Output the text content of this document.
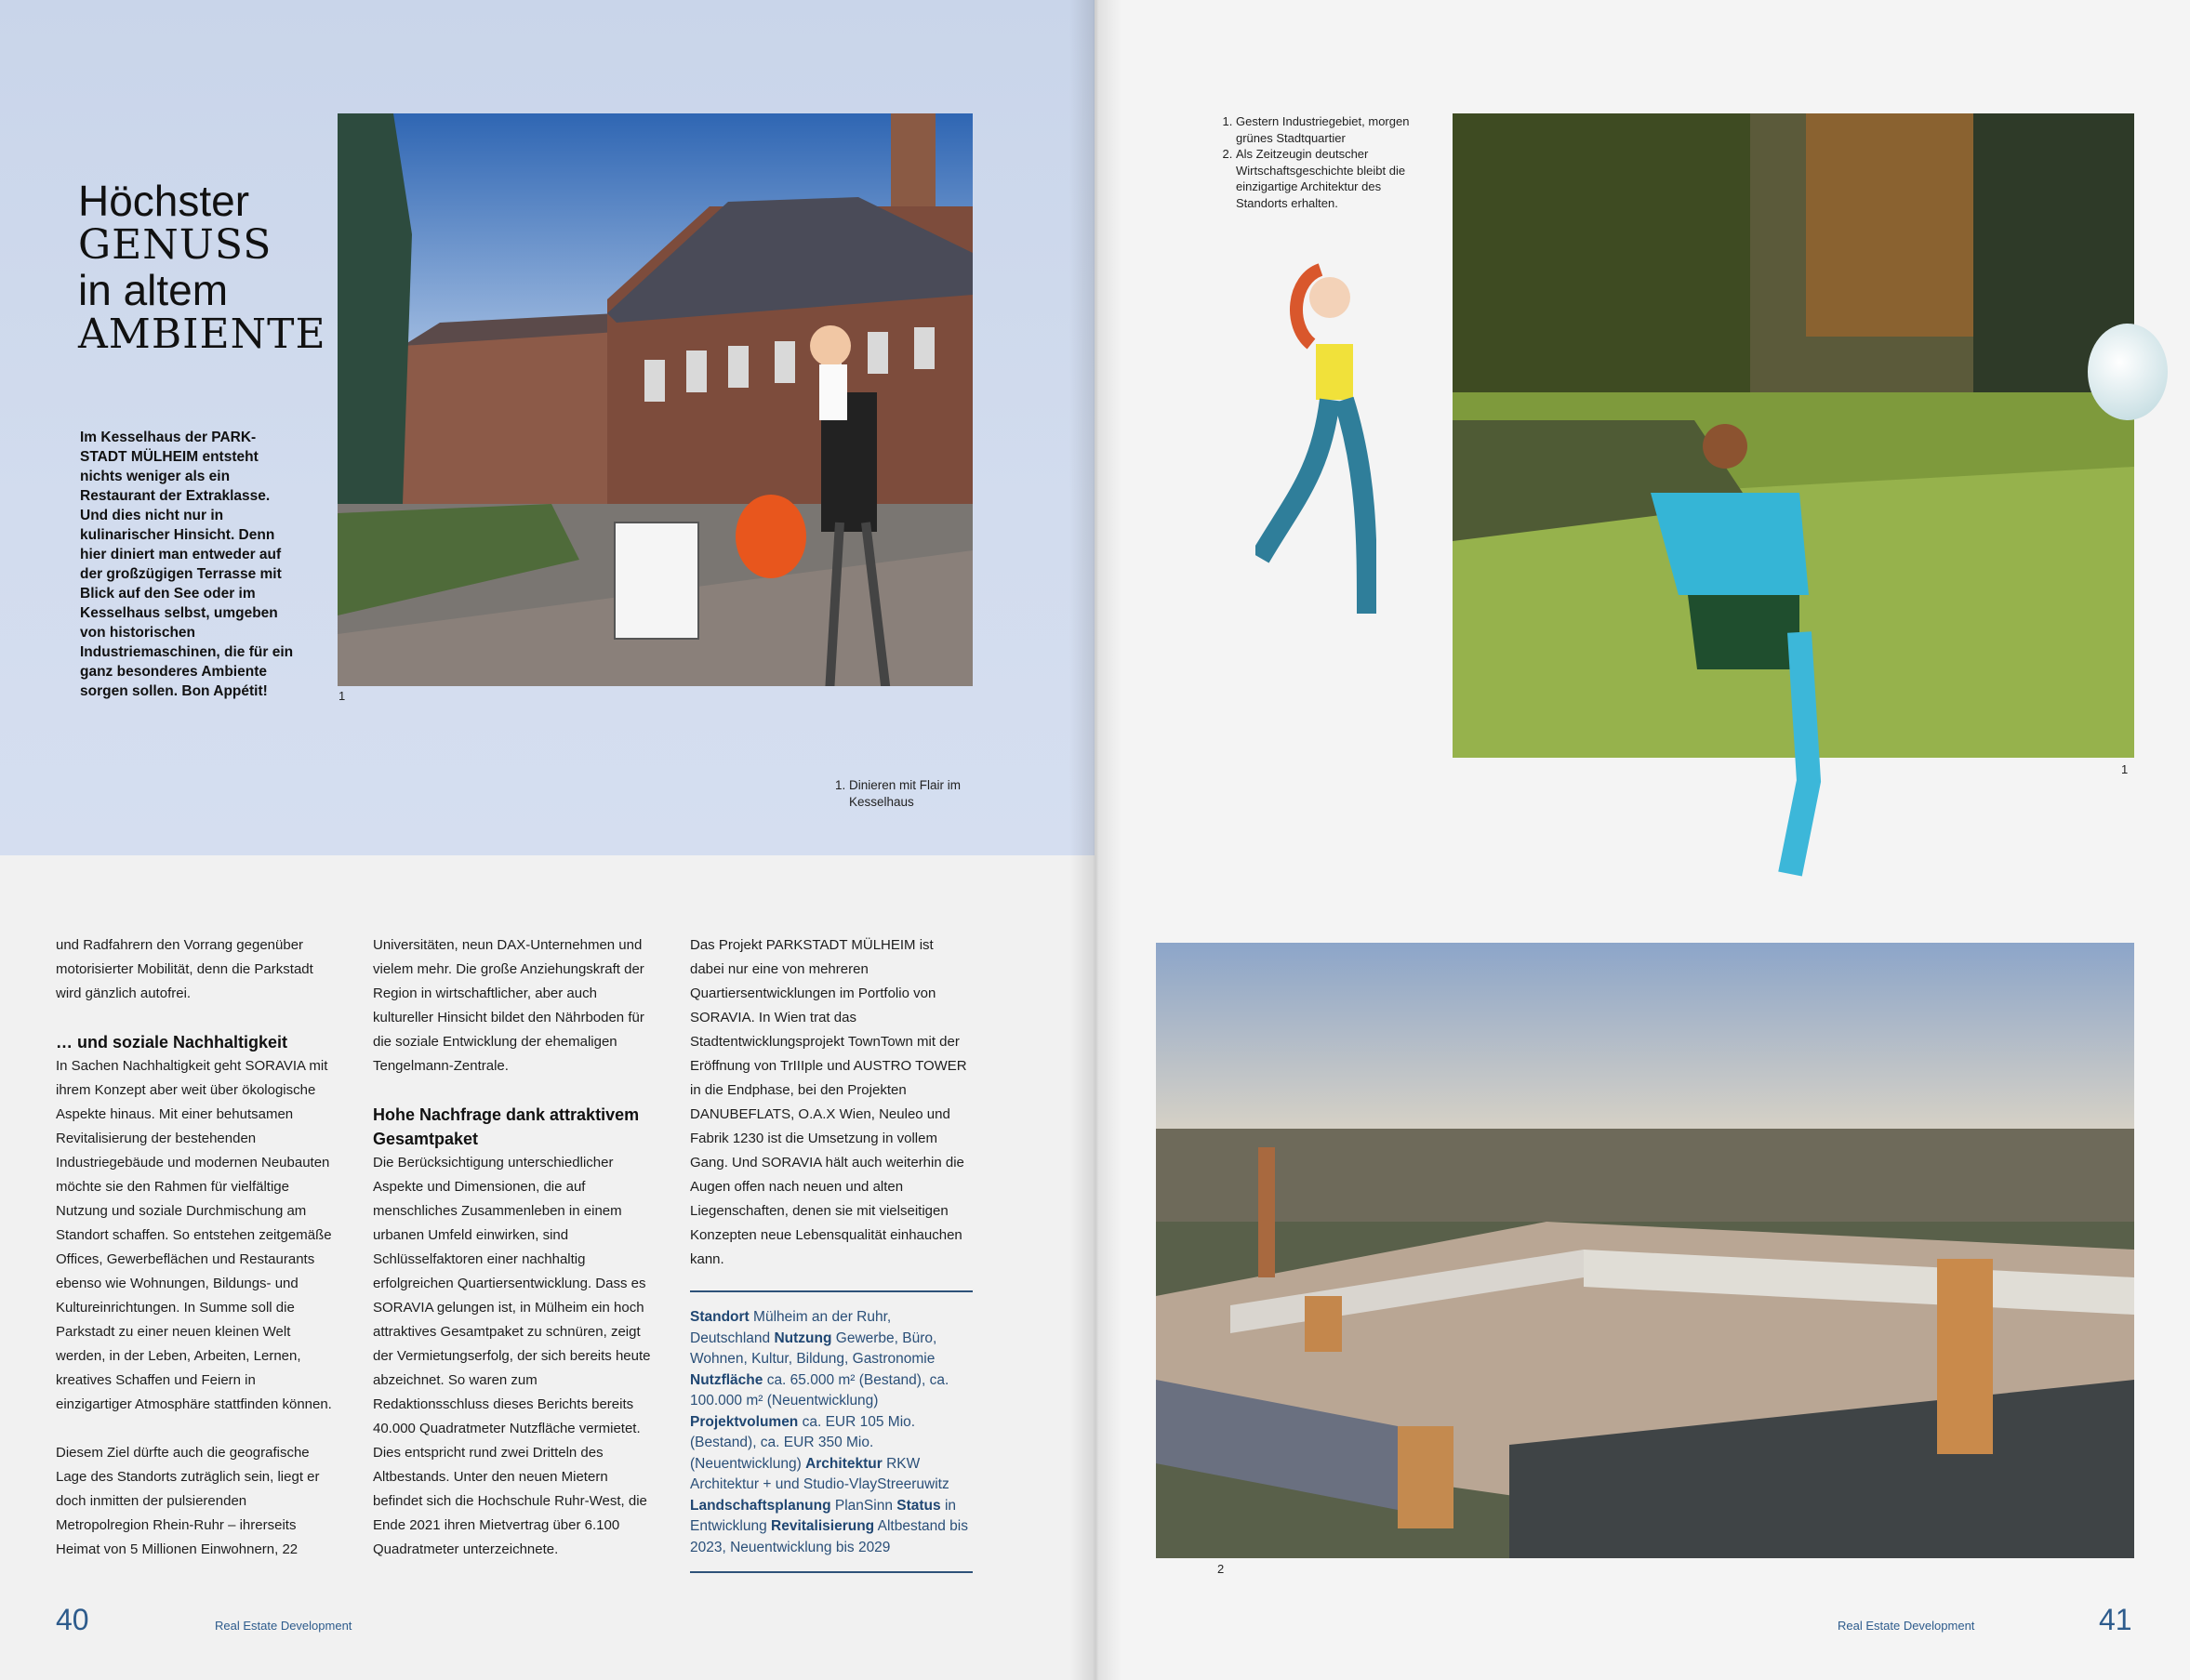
Höchster
GENUSS
in altem
AMBIENTE
Im Kesselhaus der PARK-STADT MÜLHEIM entsteht nichts weniger als ein Restaurant der Extraklasse. Und dies nicht nur in kulinarischer Hinsicht. Denn hier diniert man entweder auf der großzügigen Terrasse mit Blick auf den See oder im Kesselhaus selbst, umgeben von historischen Industriemaschinen, die für ein ganz besonderes Ambiente sorgen sollen. Bon Appétit!	1
1. Dinieren mit Flair im Kesselhaus

und Radfahrern den Vorrang gegenüber motorisierter Mobilität, denn die Parkstadt wird gänzlich autofrei.

… und soziale Nachhaltigkeit

In Sachen Nachhaltigkeit geht SORAVIA mit ihrem Konzept aber weit über ökologische Aspekte hinaus. Mit einer behutsamen Revitalisierung der bestehenden Industriegebäude und modernen Neubauten möchte sie den Rahmen für vielfältige Nutzung und soziale Durchmischung am Standort schaffen. So entstehen zeitgemäße Offices, Gewerbeflächen und Restaurants ebenso wie Wohnungen, Bildungs- und Kultureinrichtungen. In Summe soll die Parkstadt zu einer neuen kleinen Welt werden, in der Leben, Arbeiten, Lernen, kreatives Schaffen und Feiern in einzigartiger Atmosphäre stattfinden können.

Diesem Ziel dürfte auch die geografische Lage des Standorts zuträglich sein, liegt er doch inmitten der pulsierenden Metropolregion Rhein-Ruhr – ihrerseits Heimat von 5 Millionen Einwohnern, 22

Universitäten, neun DAX-Unternehmen und vielem mehr. Die große Anziehungskraft der Region in wirtschaftlicher, aber auch kultureller Hinsicht bildet den Nährboden für die soziale Entwicklung der ehemaligen Tengelmann-Zentrale.

Hohe Nachfrage dank attraktivem Gesamtpaket

Die Berücksichtigung unterschiedlicher Aspekte und Dimensionen, die auf menschliches Zusammenleben in einem urbanen Umfeld einwirken, sind Schlüsselfaktoren einer nachhaltig erfolgreichen Quartiersentwicklung. Dass es SORAVIA gelungen ist, in Mülheim ein hoch attraktives Gesamtpaket zu schnüren, zeigt der Vermietungserfolg, der sich bereits heute abzeichnet. So waren zum Redaktionsschluss dieses Berichts bereits 40.000 Quadratmeter Nutzfläche vermietet. Dies entspricht rund zwei Dritteln des Altbestands. Unter den neuen Mietern befindet sich die Hochschule Ruhr-West, die Ende 2021 ihren Mietvertrag über 6.100 Quadratmeter unterzeichnete.

Das Projekt PARKSTADT MÜLHEIM ist dabei nur eine von mehreren Quartiersentwicklungen im Portfolio von SORAVIA. In Wien trat das Stadtentwicklungsprojekt TownTown mit der Eröffnung von TrIIIple und AUSTRO TOWER in die Endphase, bei den Projekten DANUBEFLATS, O.A.X Wien, Neuleo und Fabrik 1230 ist die Umsetzung in vollem Gang. Und SORAVIA hält auch weiterhin die Augen offen nach neuen und alten Liegenschaften, denen sie mit vielseitigen Konzepten neue Lebensqualität einhauchen kann.

Standort Mülheim an der Ruhr, Deutschland Nutzung Gewerbe, Büro, Wohnen, Kultur, Bildung, Gastronomie Nutzfläche ca. 65.000 m² (Bestand), ca. 100.000 m² (Neuentwicklung) Projektvolumen ca. EUR 105 Mio. (Bestand), ca. EUR 350 Mio. (Neuentwicklung) Architektur RKW Architektur + und Studio-VlayStreeruwitz Landschaftsplanung PlanSinn Status in Entwicklung Revitalisierung Altbestand bis 2023, Neuentwicklung bis 2029
40	Real Estate Development
1. Gestern Industriegebiet, morgen grünes Stadtquartier
2. Als Zeitzeugin deutscher Wirtschaftsgeschichte bleibt die einzigartige Architektur des Standorts erhalten.
1
2
41
Real Estate Development
